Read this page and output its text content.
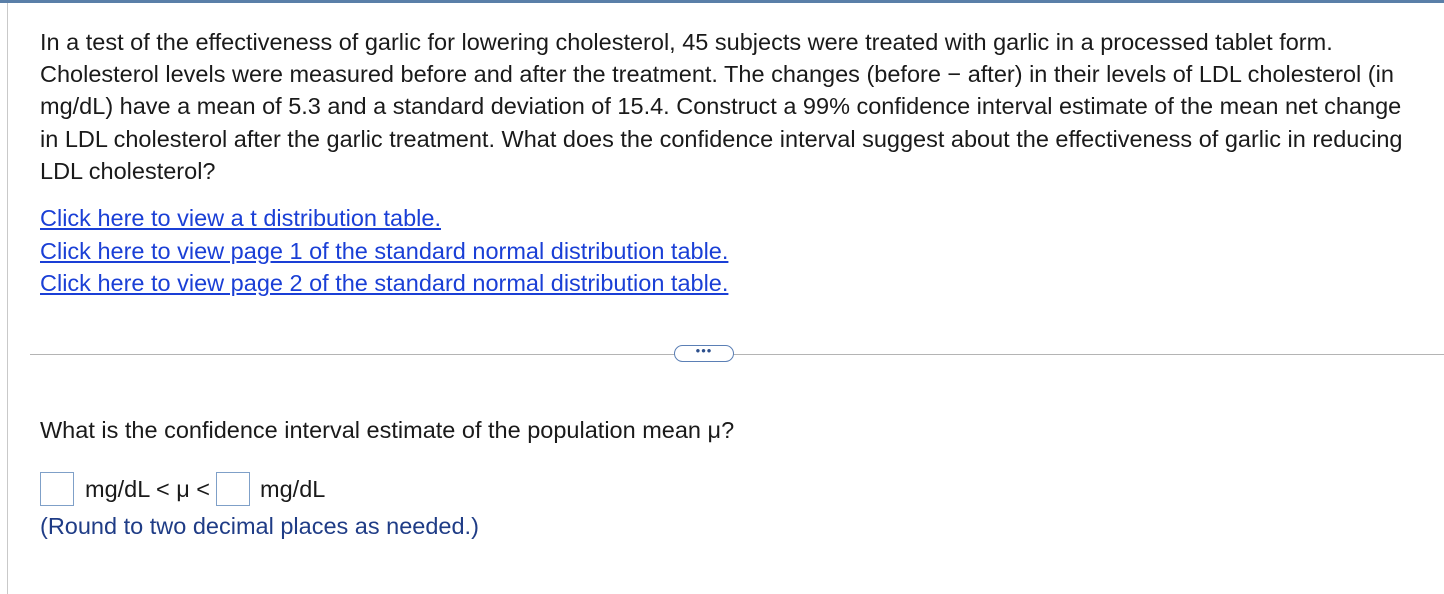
In a test of the effectiveness of garlic for lowering cholesterol, 45 subjects were treated with garlic in a processed tablet form. Cholesterol levels were measured before and after the treatment. The changes (before − after) in their levels of LDL cholesterol (in mg/dL) have a mean of 5.3 and a standard deviation of 15.4. Construct a 99% confidence interval estimate of the mean net change in LDL cholesterol after the garlic treatment. What does the confidence interval suggest about the effectiveness of garlic in reducing LDL cholesterol?

Click here to view a t distribution table.
Click here to view page 1 of the standard normal distribution table.
Click here to view page 2 of the standard normal distribution table.
•••
What is the confidence interval estimate of the population mean μ?
mg/dL < μ < mg/dL
(Round to two decimal places as needed.)
